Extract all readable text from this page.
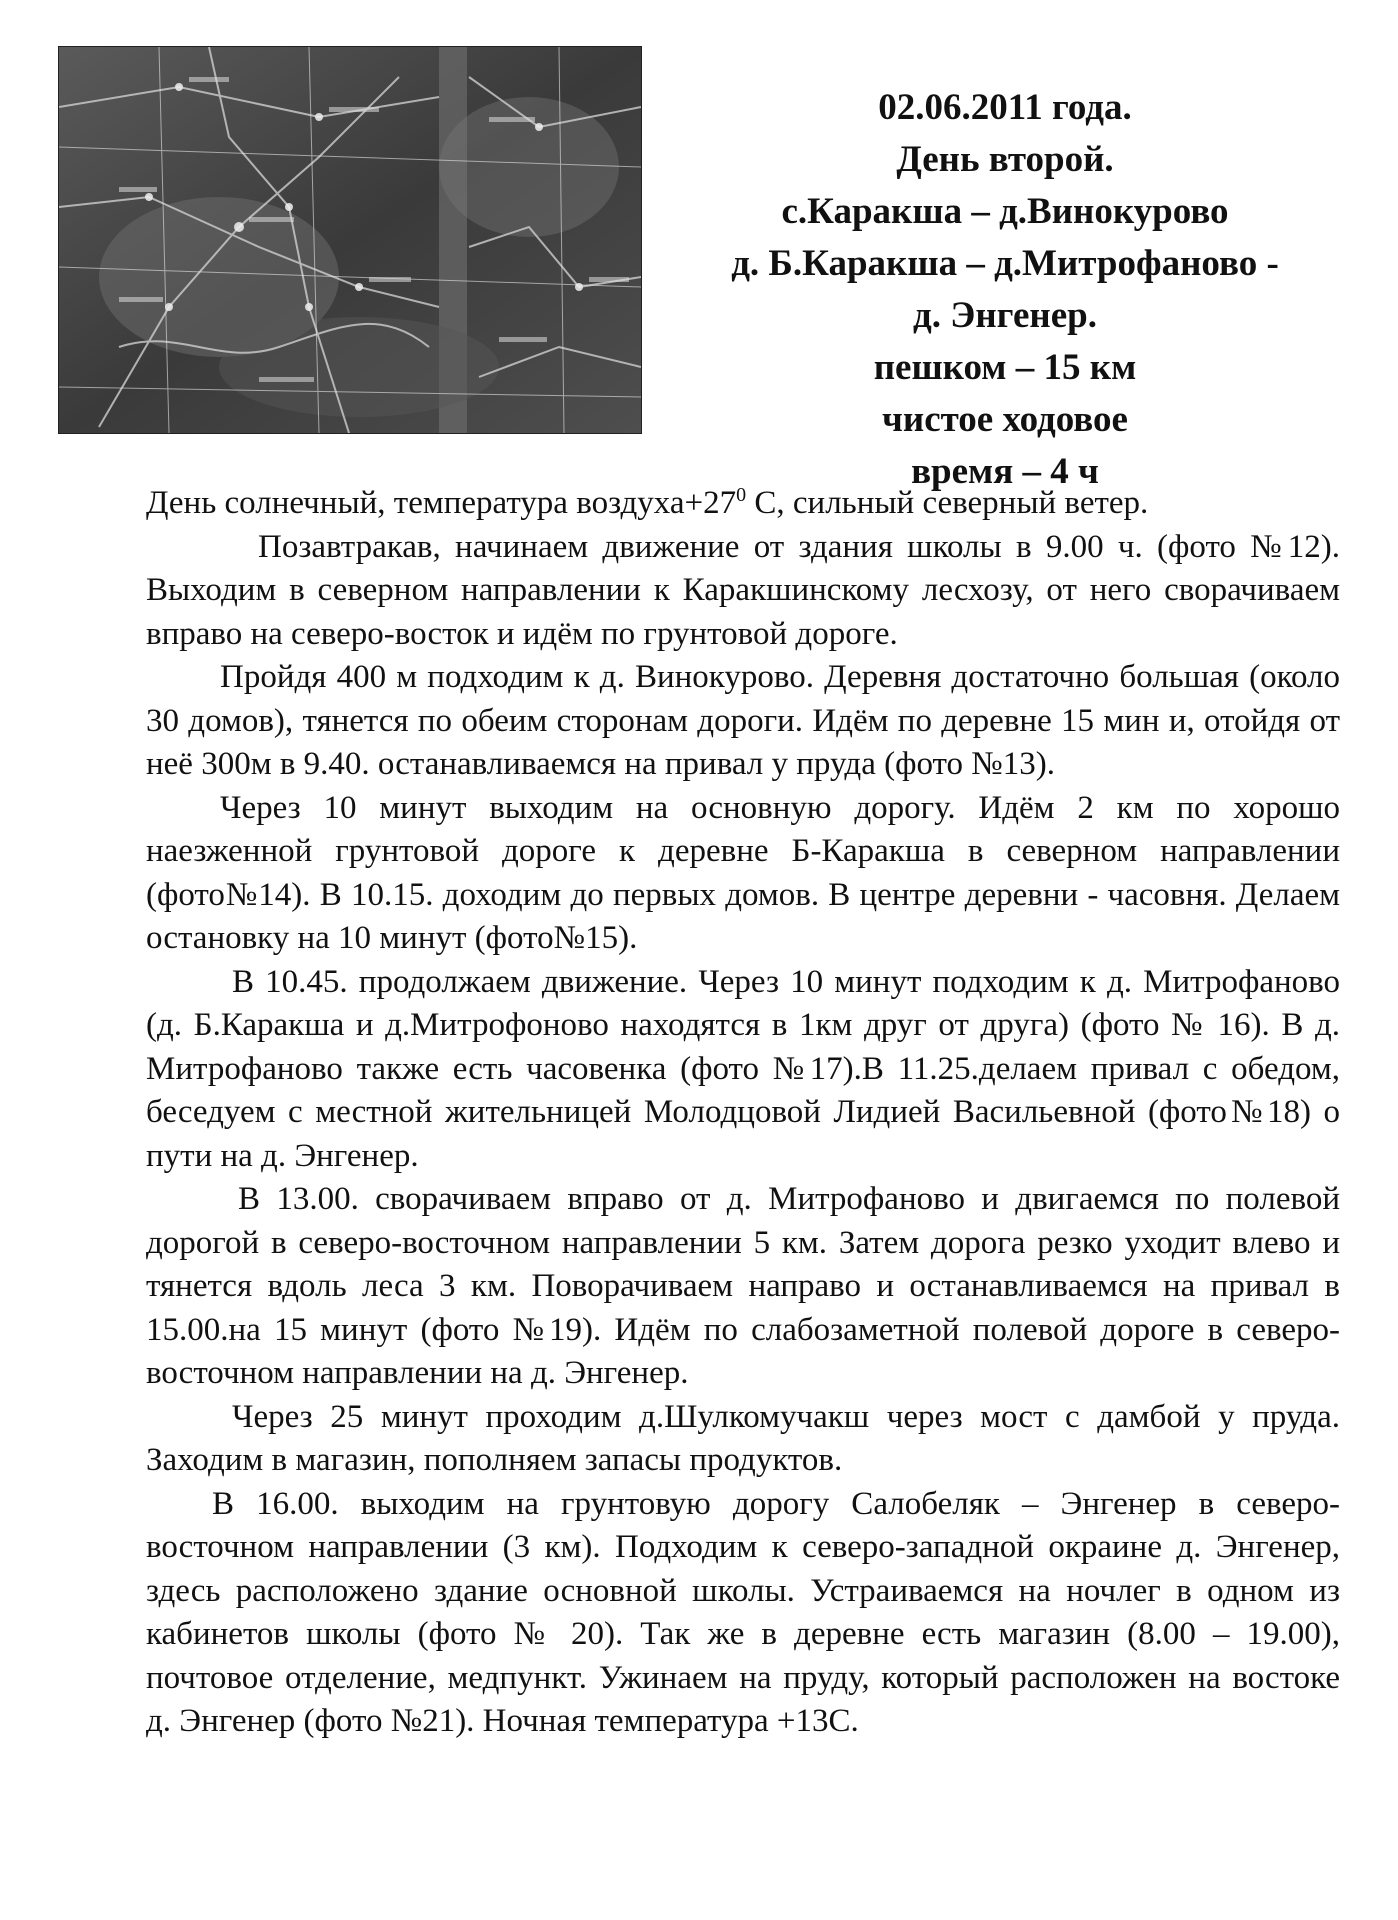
02.06.2011 года.
День второй.
с.Каракша – д.Винокурово
д. Б.Каракша – д.Митрофаново -
д. Энгенер.
пешком – 15 км
чистое ходовое
время – 4 ч

День солнечный, температура $воздуха+27^0$ С, сильный северный ветер.

Позавтракав, начинаем движение от здания школы в 9.00 ч. (фото №12). Выходим в северном направлении к Каракшинскому лесхозу, от него сворачиваем вправо на северо-восток и идём по грунтовой дороге.

Пройдя 400 м подходим к д. Винокурово. Деревня достаточно большая (около 30 домов), тянется по обеим сторонам дороги. Идём по деревне 15 мин и, отойдя от неё 300м в 9.40. останавливаемся на привал у пруда (фото №13).

Через 10 минут выходим на основную дорогу. Идём 2 км по хорошо наезженной грунтовой дороге к деревне Б-Каракша в северном направлении (фото№14). В 10.15. доходим до первых домов. В центре деревни - часовня. Делаем остановку на 10 минут (фото№15).

В 10.45. продолжаем движение. Через 10 минут подходим к д. Митрофаново (д. Б.Каракша и д.Митрофоново находятся в 1км друг от друга) (фото № 16). В д. Митрофаново также есть часовенка (фото №17).В 11.25.делаем привал с обедом, беседуем с местной жительницей Молодцовой Лидией Васильевной (фото№18) о пути на д. Энгенер.

В 13.00. сворачиваем вправо от д. Митрофаново и двигаемся по полевой дорогой в северо-восточном направлении 5 км. Затем дорога резко уходит влево и тянется вдоль леса 3 км. Поворачиваем направо и останавливаемся на привал в 15.00.на 15 минут (фото №19). Идём по слабозаметной полевой дороге в северо-восточном направлении на д. Энгенер.

Через 25 минут проходим д.Шулкомучакш через мост с дамбой у пруда. Заходим в магазин, пополняем запасы продуктов.

В 16.00. выходим на грунтовую дорогу Салобеляк – Энгенер в северо-восточном направлении (3 км). Подходим к северо-западной окраине д. Энгенер, здесь расположено здание основной школы. Устраиваемся на ночлег в одном из кабинетов школы (фото № 20). Так же в деревне есть магазин (8.00 – 19.00), почтовое отделение, медпункт. Ужинаем на пруду, который расположен на востоке д. Энгенер (фото №21). Ночная температура +13С.
